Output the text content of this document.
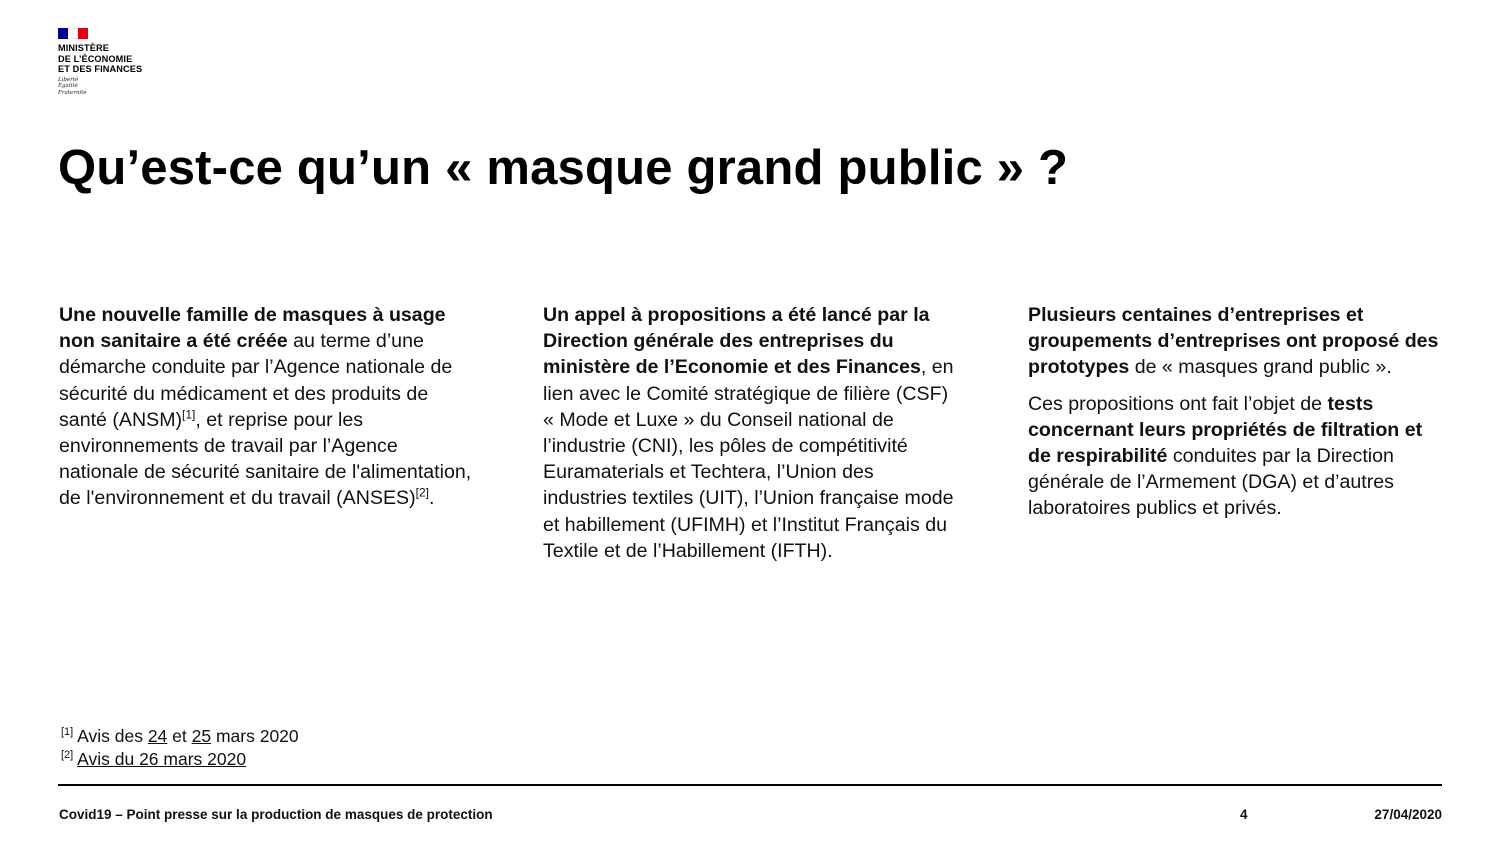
MINISTÈRE
DE L’ÉCONOMIE
ET DES FINANCES
Liberté
Égalité
Fraternité
Qu’est-ce qu’un « masque grand public » ?

Une nouvelle famille de masques à usage non sanitaire a été créée au terme d’une démarche conduite par l’Agence nationale de sécurité du médicament et des produits de santé (ANSM)[1], et reprise pour les environnements de travail par l’Agence nationale de sécurité sanitaire de l'alimentation, de l'environnement et du travail (ANSES)[2].

Un appel à propositions a été lancé par la Direction générale des entreprises du ministère de l’Economie et des Finances, en lien avec le Comité stratégique de filière (CSF) « Mode et Luxe » du Conseil national de l’industrie (CNI), les pôles de compétitivité Euramaterials et Techtera, l’Union des industries textiles (UIT), l’Union française mode et habillement (UFIMH) et l’Institut Français du Textile et de l’Habillement (IFTH).

Plusieurs centaines d’entreprises et groupements d’entreprises ont proposé des prototypes de « masques grand public ».

Ces propositions ont fait l’objet de tests concernant leurs propriétés de filtration et de respirabilité conduites par la Direction générale de l’Armement (DGA) et d’autres laboratoires publics et privés.

[1] Avis des 24 et 25 mars 2020
[2] Avis du 26 mars 2020
Covid19 – Point presse sur la production de masques de protection	4	27/04/2020
